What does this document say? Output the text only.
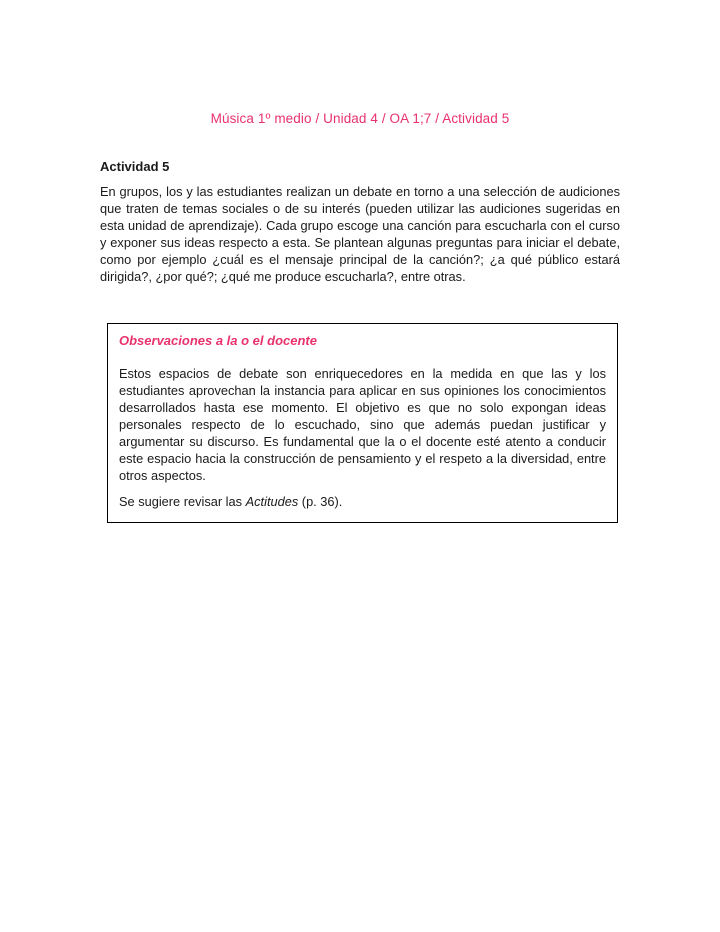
Música 1º medio / Unidad 4 / OA 1;7 / Actividad 5
Actividad 5
En grupos, los y las estudiantes realizan un debate en torno a una selección de audiciones que traten de temas sociales o de su interés (pueden utilizar las audiciones sugeridas en esta unidad de aprendizaje). Cada grupo escoge una canción para escucharla con el curso y exponer sus ideas respecto a esta. Se plantean algunas preguntas para iniciar el debate, como por ejemplo ¿cuál es el mensaje principal de la canción?; ¿a qué público estará dirigida?, ¿por qué?; ¿qué me produce escucharla?, entre otras.
Observaciones a la o el docente
Estos espacios de debate son enriquecedores en la medida en que las y los estudiantes aprovechan la instancia para aplicar en sus opiniones los conocimientos desarrollados hasta ese momento. El objetivo es que no solo expongan ideas personales respecto de lo escuchado, sino que además puedan justificar y argumentar su discurso. Es fundamental que la o el docente esté atento a conducir este espacio hacia la construcción de pensamiento y el respeto a la diversidad, entre otros aspectos.
Se sugiere revisar las Actitudes (p. 36).
